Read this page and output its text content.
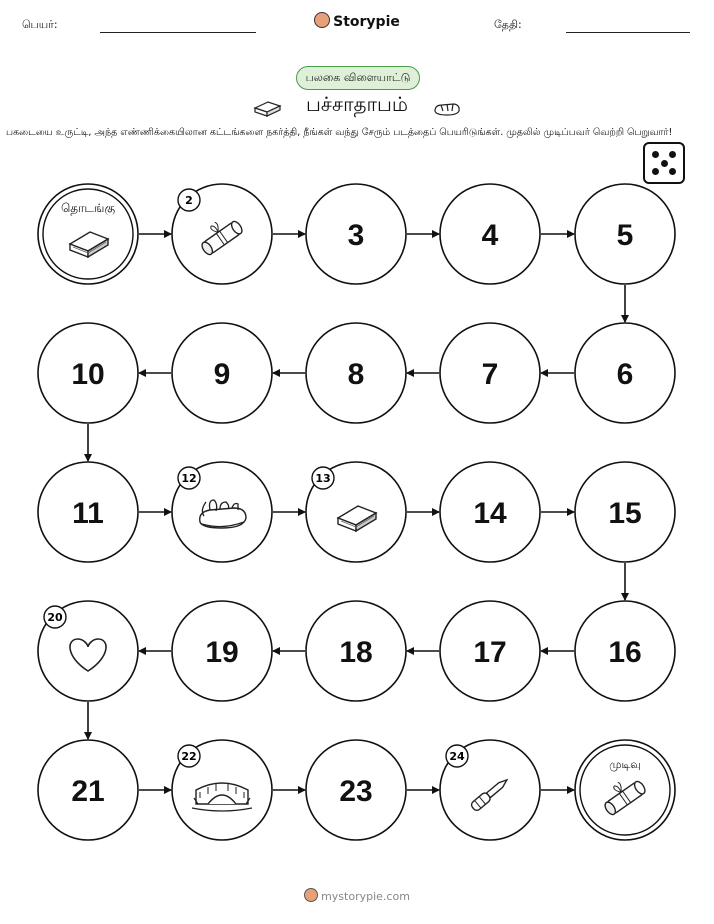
பெயர்:	Storypie	தேதி:
பலகை விளையாட்டு
பச்சாதாபம்
பகடையை உருட்டி, அந்த எண்ணிக்கையிலான கட்டங்களை நகர்த்தி, நீங்கள் வந்து சேரும் படத்தைப் பெயரிடுங்கள். முதலில் முடிப்பவர் வெற்றி பெறுவார்!
தொடங்கு
2
3	4	5
6
7
8
9
10
11
12	13
14	15
16
17
18
19
20
21
22
23
24
முடிவு
mystorypie.com
